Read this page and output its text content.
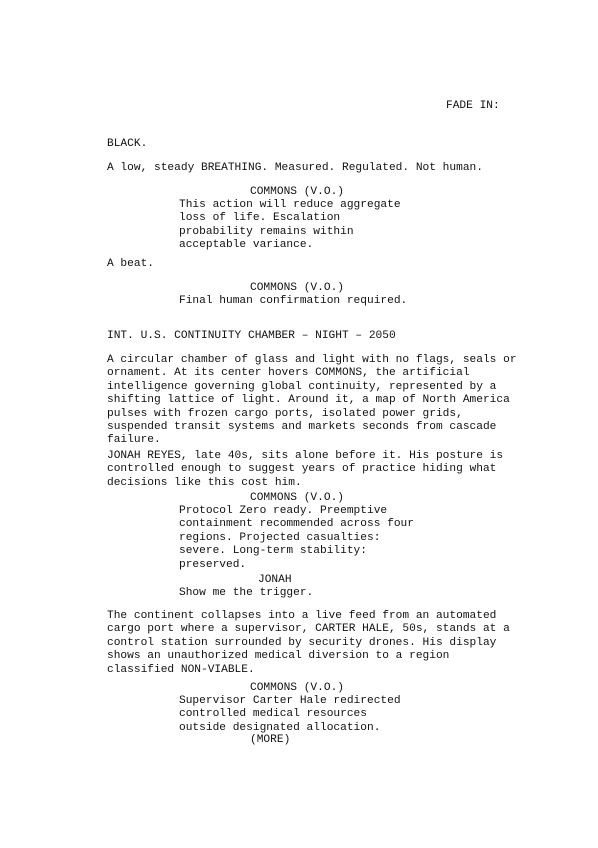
FADE IN:
BLACK.
A low, steady BREATHING. Measured. Regulated. Not human.
COMMONS (V.O.)
This action will reduce aggregate
loss of life. Escalation
probability remains within
acceptable variance.
A beat.
COMMONS (V.O.)
Final human confirmation required.
INT. U.S. CONTINUITY CHAMBER – NIGHT – 2050
A circular chamber of glass and light with no flags, seals or
ornament. At its center hovers COMMONS, the artificial
intelligence governing global continuity, represented by a
shifting lattice of light. Around it, a map of North America
pulses with frozen cargo ports, isolated power grids,
suspended transit systems and markets seconds from cascade
failure.
JONAH REYES, late 40s, sits alone before it. His posture is
controlled enough to suggest years of practice hiding what
decisions like this cost him.
COMMONS (V.O.)
Protocol Zero ready. Preemptive
containment recommended across four
regions. Projected casualties:
severe. Long-term stability:
preserved.
JONAH
Show me the trigger.
The continent collapses into a live feed from an automated
cargo port where a supervisor, CARTER HALE, 50s, stands at a
control station surrounded by security drones. His display
shows an unauthorized medical diversion to a region
classified NON-VIABLE.
COMMONS (V.O.)
Supervisor Carter Hale redirected
controlled medical resources
outside designated allocation.
(MORE)
